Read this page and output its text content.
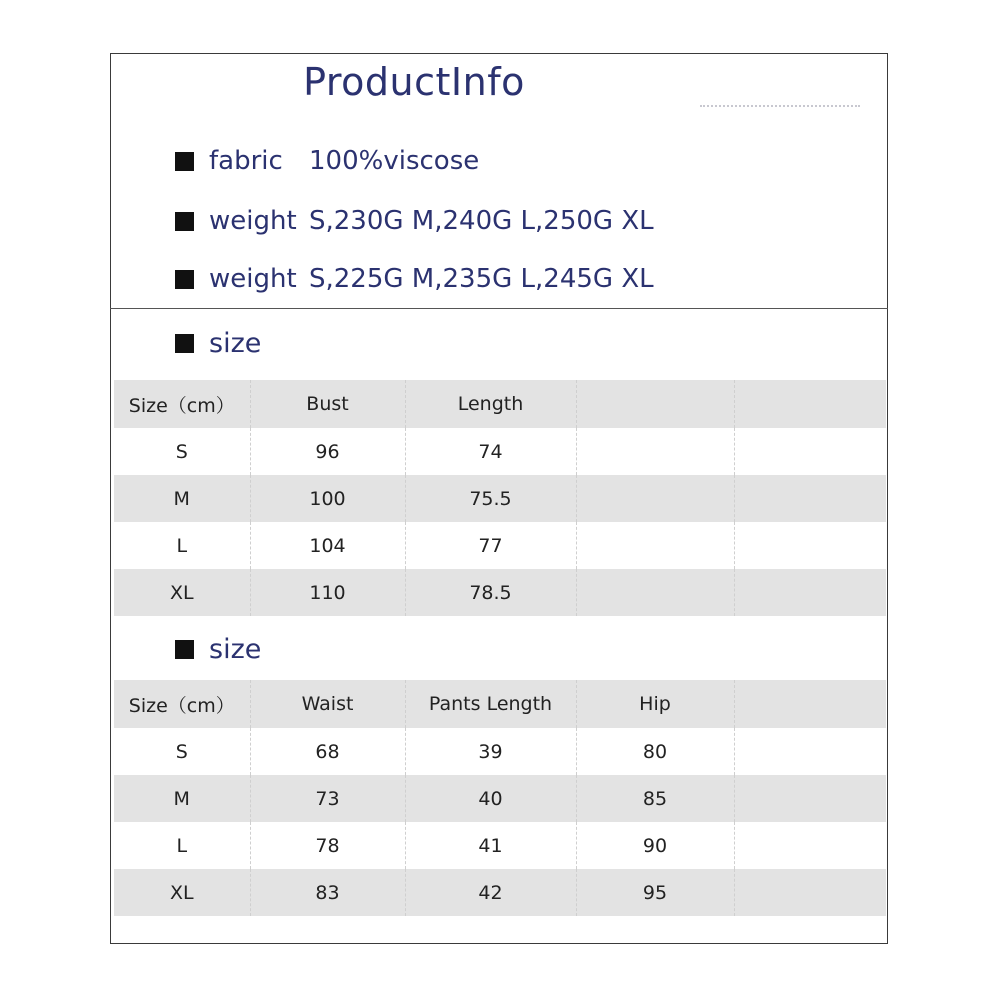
ProductInfo
fabric	100%viscose
weight S,230G M,240G L,250G XL
weight S,225G M,235G L,245G XL
size
Size（cm）	Bust	Length		
S	96	74		
M	100	75.5		
L	104	77		
XL	110	78.5		
size
Size（cm）	Waist	Pants Length	Hip	
S	68	39	80	
M	73	40	85	
L	78	41	90	
XL	83	42	95	
